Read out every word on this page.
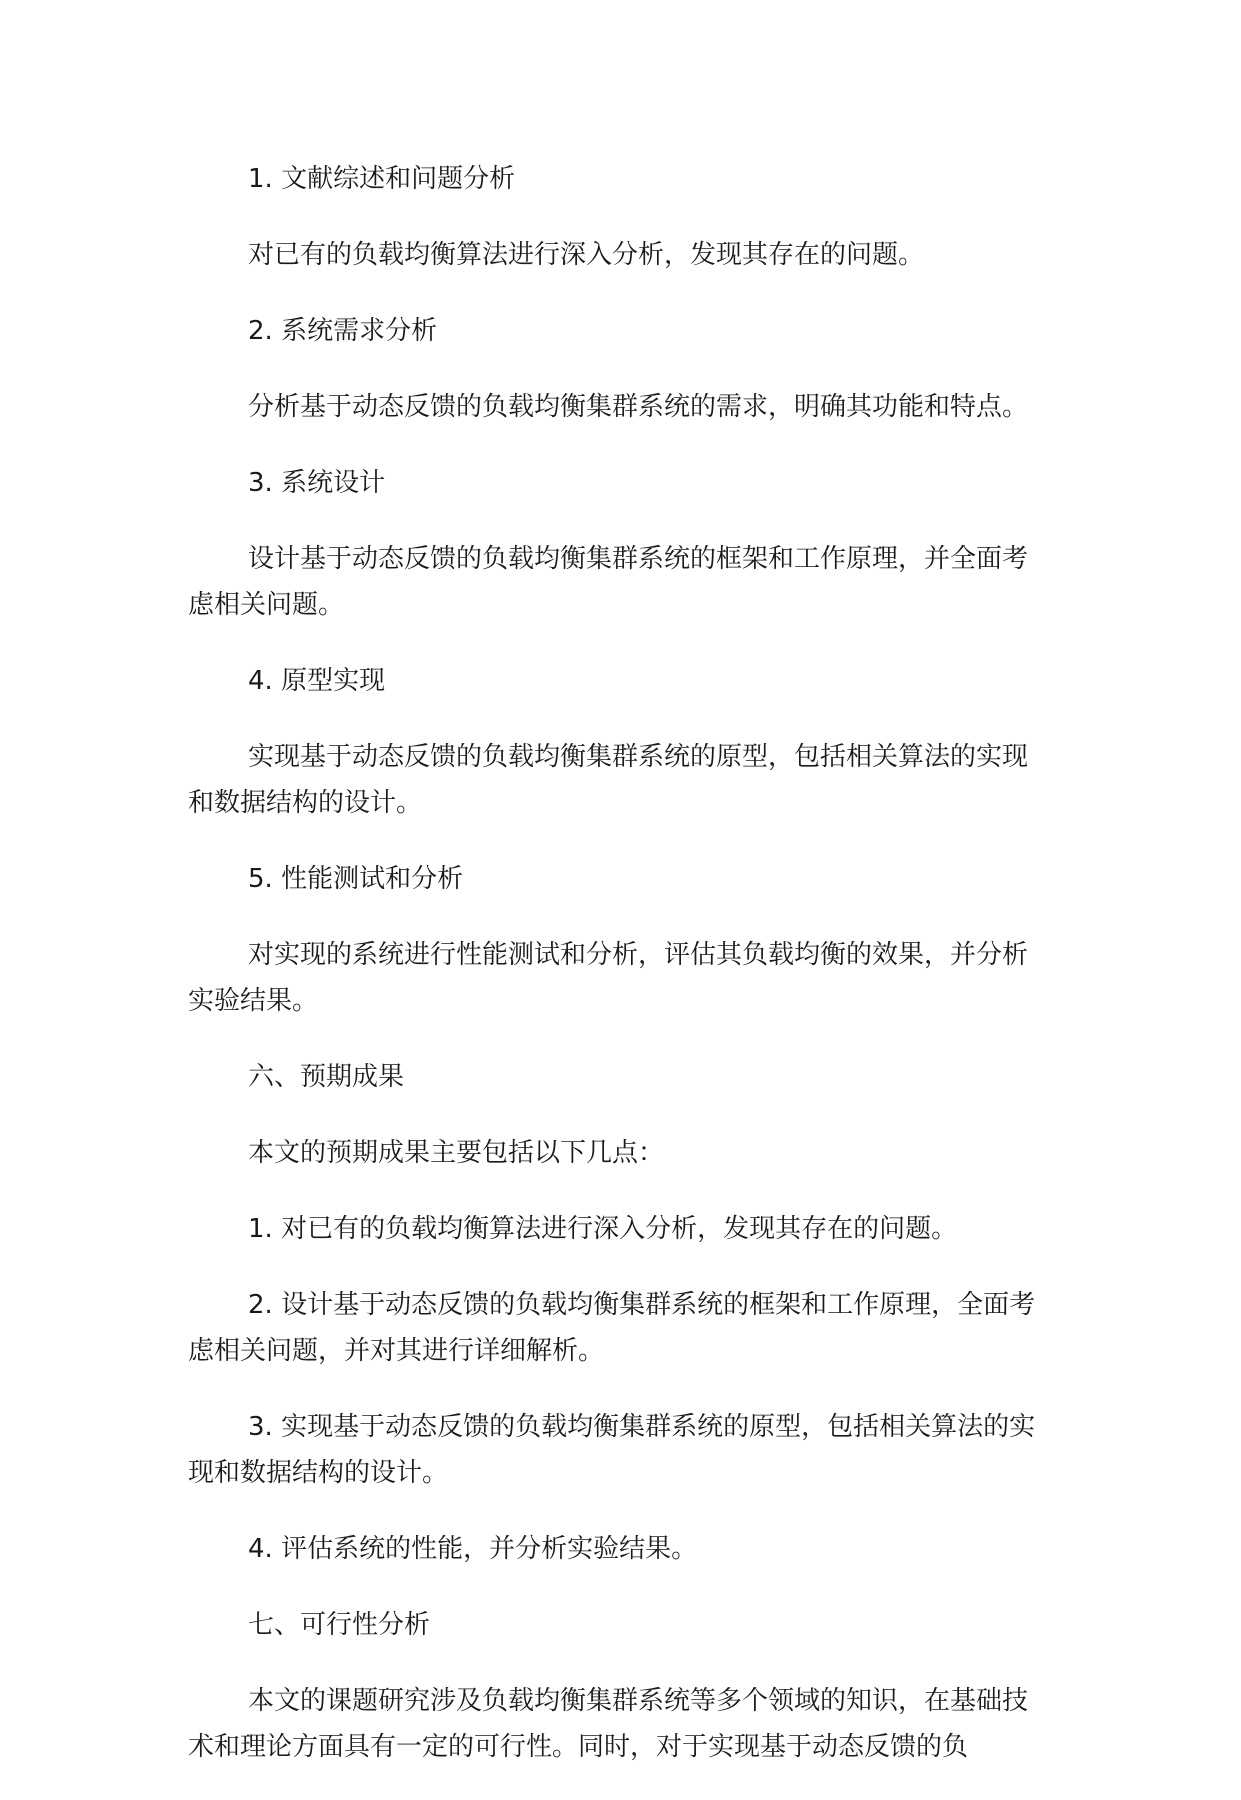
1. 文献综述和问题分析

对已有的负载均衡算法进行深入分析，发现其存在的问题。

2. 系统需求分析

分析基于动态反馈的负载均衡集群系统的需求，明确其功能和特点。

3. 系统设计

设计基于动态反馈的负载均衡集群系统的框架和工作原理，并全面考虑相关问题。

4. 原型实现

实现基于动态反馈的负载均衡集群系统的原型，包括相关算法的实现和数据结构的设计。

5. 性能测试和分析

对实现的系统进行性能测试和分析，评估其负载均衡的效果，并分析实验结果。

六、预期成果

本文的预期成果主要包括以下几点：

1. 对已有的负载均衡算法进行深入分析，发现其存在的问题。

2. 设计基于动态反馈的负载均衡集群系统的框架和工作原理，全面考虑相关问题，并对其进行详细解析。

3. 实现基于动态反馈的负载均衡集群系统的原型，包括相关算法的实现和数据结构的设计。

4. 评估系统的性能，并分析实验结果。

七、可行性分析

本文的课题研究涉及负载均衡集群系统等多个领域的知识，在基础技术和理论方面具有一定的可行性。同时，对于实现基于动态反馈的负
